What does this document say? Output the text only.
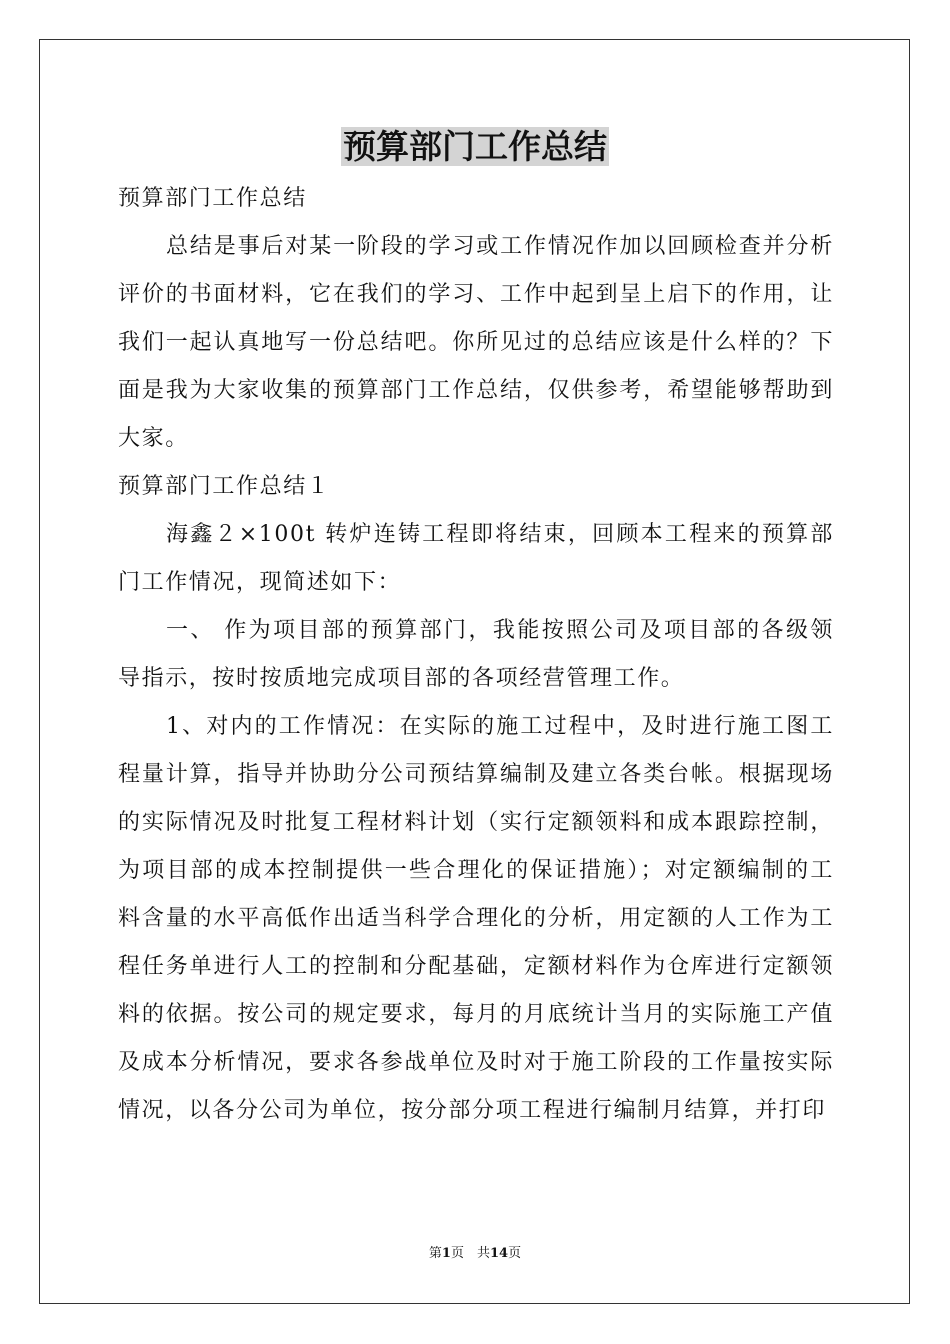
预算部门工作总结

预算部门工作总结

总结是事后对某一阶段的学习或工作情况作加以回顾检查并分析评价的书面材料，它在我们的学习、工作中起到呈上启下的作用，让我们一起认真地写一份总结吧。你所见过的总结应该是什么样的？下面是我为大家收集的预算部门工作总结，仅供参考，希望能够帮助到大家。

预算部门工作总结１

海鑫２×100t 转炉连铸工程即将结束，回顾本工程来的预算部门工作情况，现简述如下：

一、 作为项目部的预算部门，我能按照公司及项目部的各级领导指示，按时按质地完成项目部的各项经营管理工作。

1、对内的工作情况：在实际的施工过程中，及时进行施工图工程量计算，指导并协助分公司预结算编制及建立各类台帐。根据现场的实际情况及时批复工程材料计划（实行定额领料和成本跟踪控制，为项目部的成本控制提供一些合理化的保证措施）；对定额编制的工料含量的水平高低作出适当科学合理化的分析，用定额的人工作为工程任务单进行人工的控制和分配基础，定额材料作为仓库进行定额领料的依据。按公司的规定要求，每月的月底统计当月的实际施工产值及成本分析情况，要求各参战单位及时对于施工阶段的工作量按实际情况，以各分公司为单位，按分部分项工程进行编制月结算，并打印

第1页　共14页
